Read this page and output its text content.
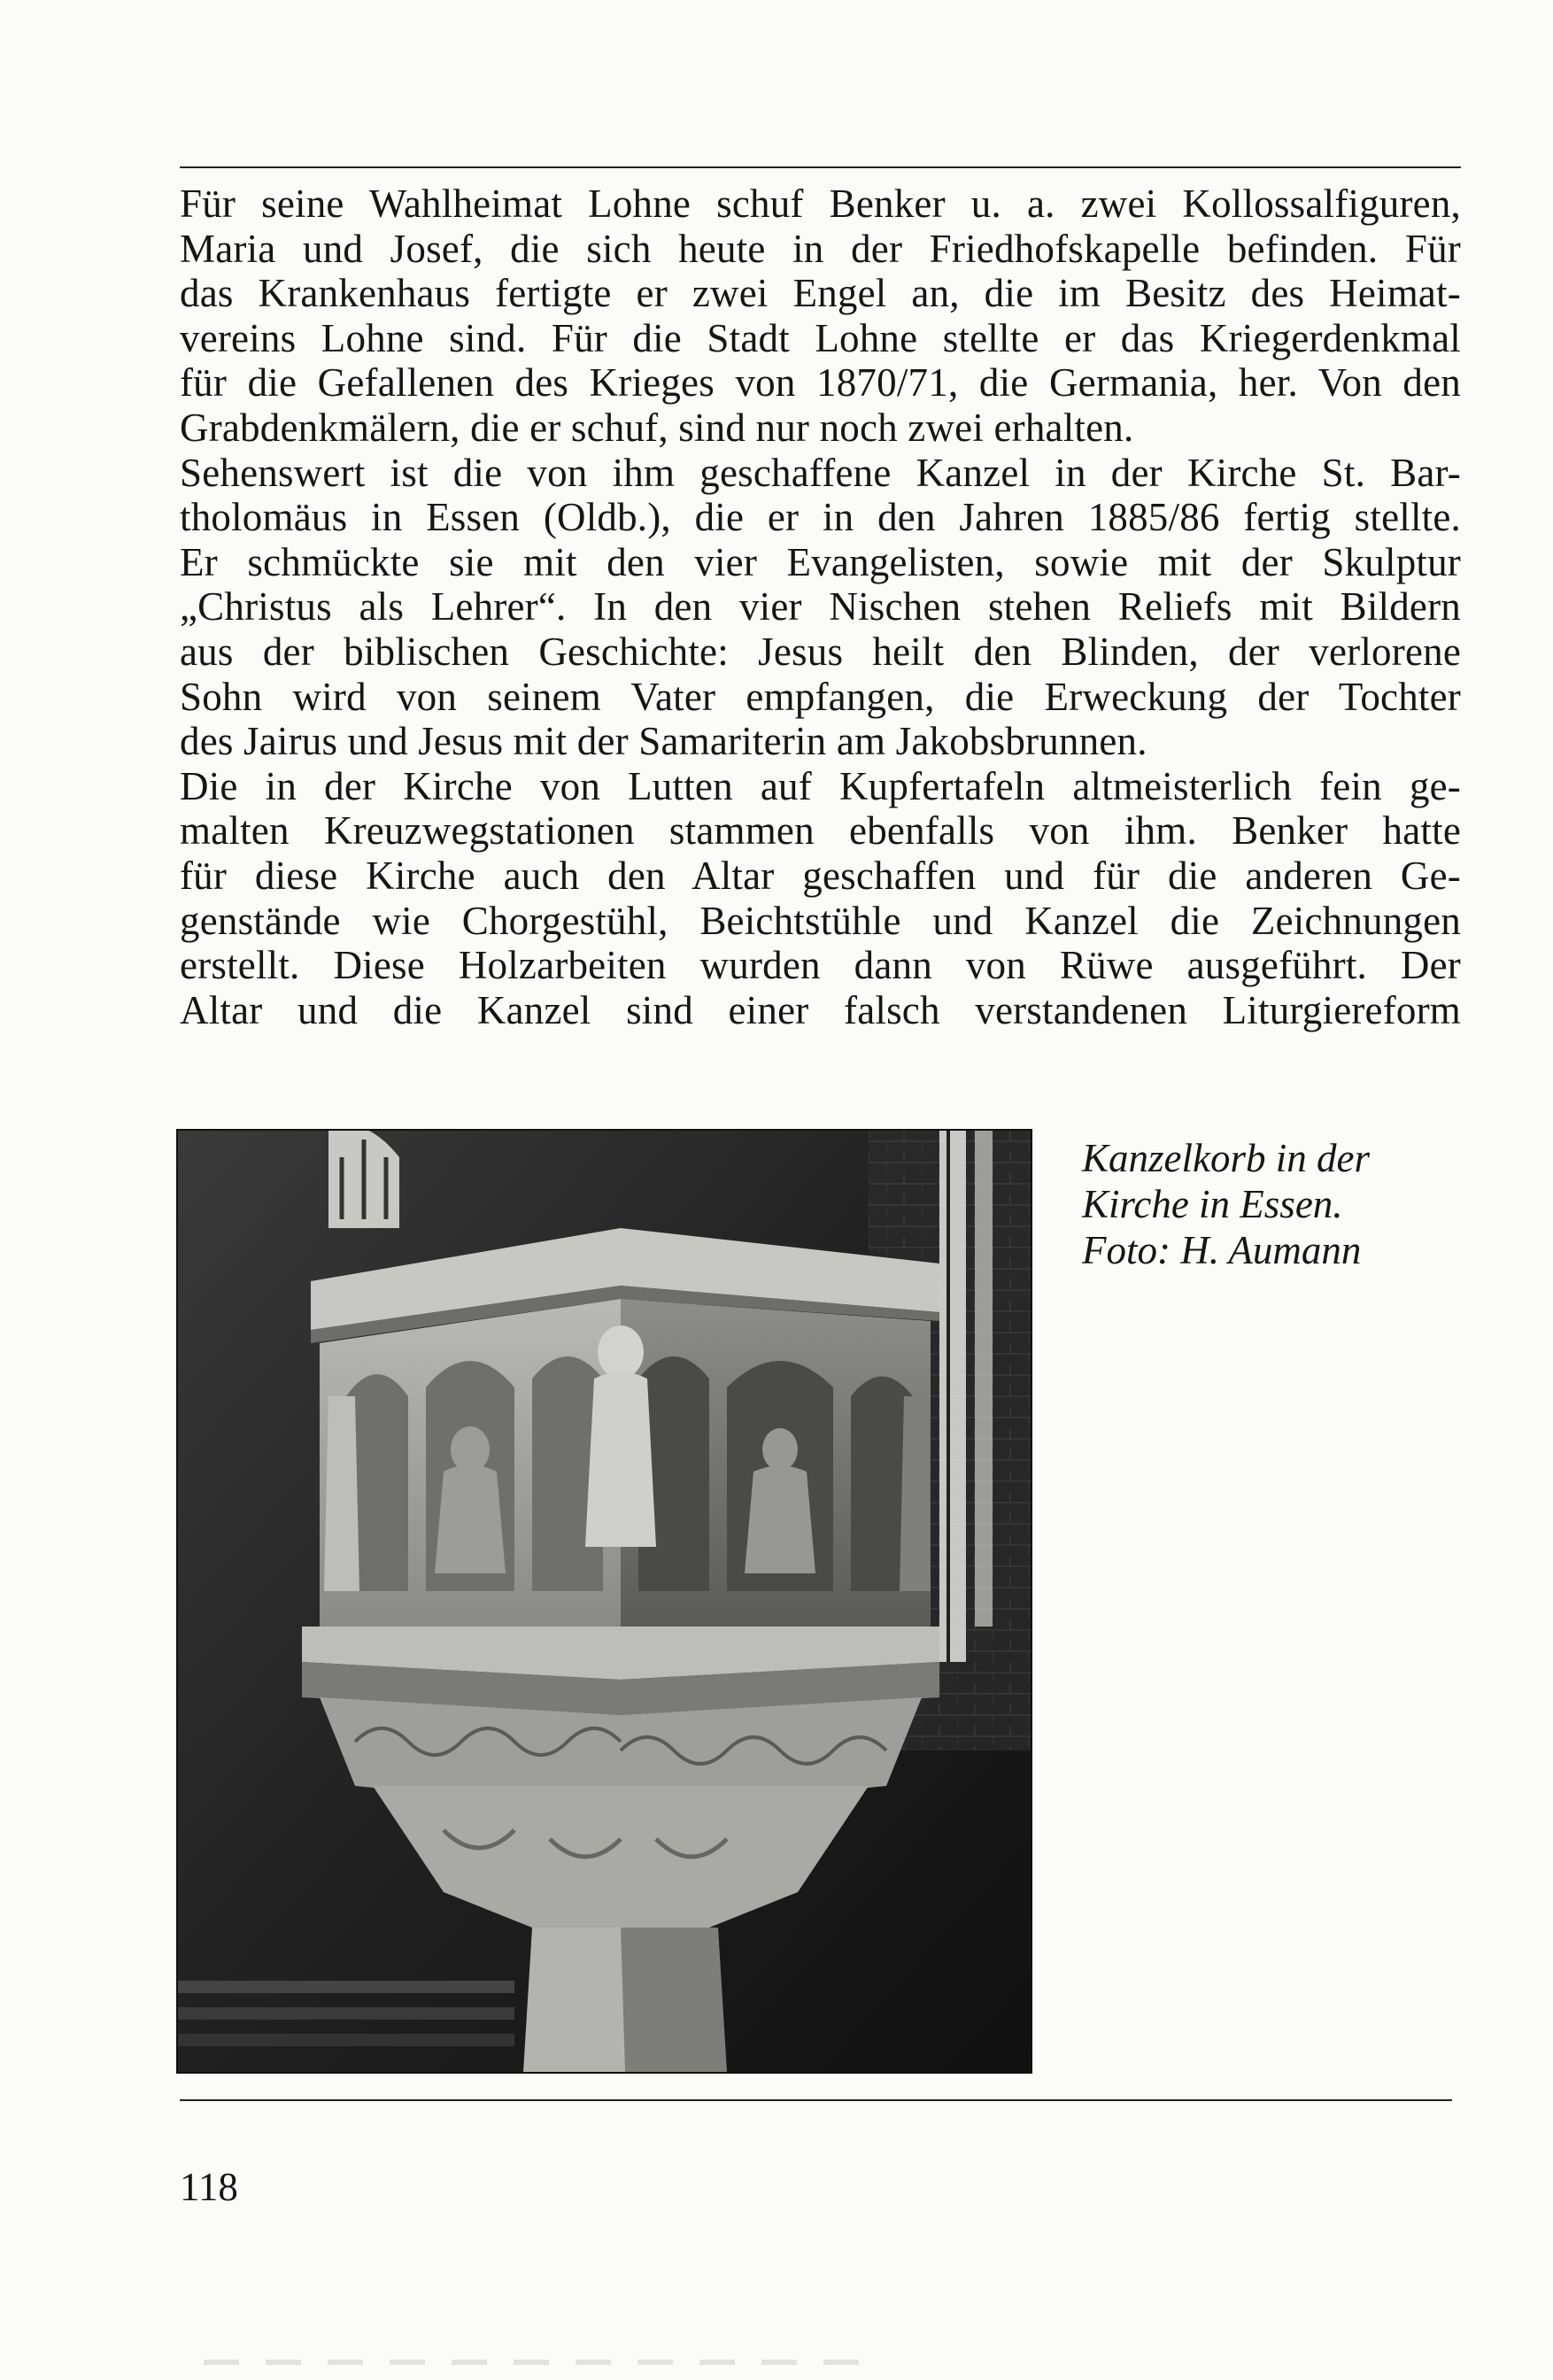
Für seine Wahlheimat Lohne schuf Benker u. a. zwei Kollossalfiguren,
Maria und Josef, die sich heute in der Friedhofskapelle befinden. Für
das Krankenhaus fertigte er zwei Engel an, die im Besitz des Heimat-
vereins Lohne sind. Für die Stadt Lohne stellte er das Kriegerdenkmal
für die Gefallenen des Krieges von 1870/71, die Germania, her. Von den
Grabdenkmälern, die er schuf, sind nur noch zwei erhalten.

Sehenswert ist die von ihm geschaffene Kanzel in der Kirche St. Bar-
tholomäus in Essen (Oldb.), die er in den Jahren 1885/86 fertig stellte.
Er schmückte sie mit den vier Evangelisten, sowie mit der Skulptur
„Christus als Lehrer“. In den vier Nischen stehen Reliefs mit Bildern
aus der biblischen Geschichte: Jesus heilt den Blinden, der verlorene
Sohn wird von seinem Vater empfangen, die Erweckung der Tochter
des Jairus und Jesus mit der Samariterin am Jakobsbrunnen.

Die in der Kirche von Lutten auf Kupfertafeln altmeisterlich fein ge-
malten Kreuzwegstationen stammen ebenfalls von ihm. Benker hatte
für diese Kirche auch den Altar geschaffen und für die anderen Ge-
genstände wie Chorgestühl, Beichtstühle und Kanzel die Zeichnungen
erstellt. Diese Holzarbeiten wurden dann von Rüwe ausgeführt. Der
Altar und die Kanzel sind einer falsch verstandenen Liturgiereform

Kanzelkorb in der
Kirche in Essen.
Foto: H. Aumann
118
